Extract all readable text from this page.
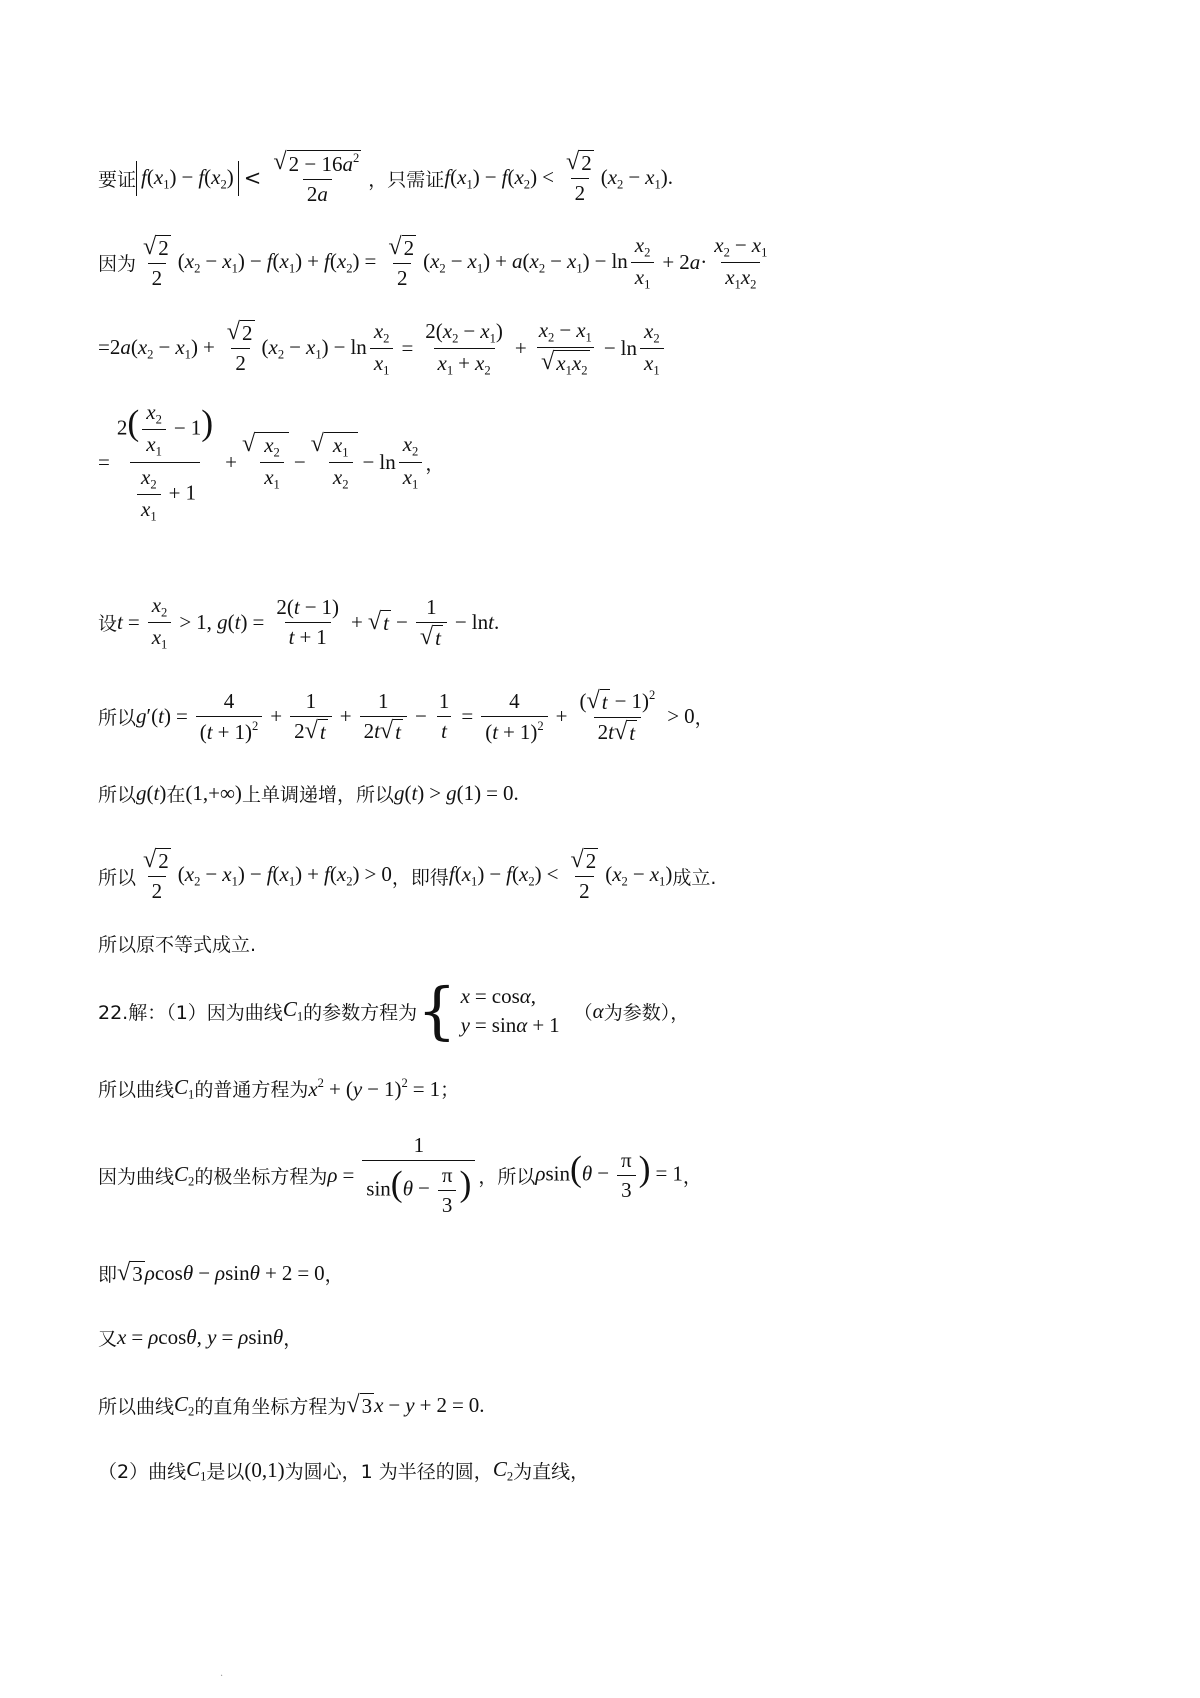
要证 $f(x_1) - f(x_2) < \frac{√ 2 - 16a^2}{2a}$ ，只需证 $f(x_1) - f(x_2) < \frac{√ 2}{2} (x_2 - x_1)$.
因为 $\frac{√ 2}{2} (x_2 - x_1) - f(x_1) + f(x_2) = \frac{√ 2}{2} (x_2 - x_1) + a(x_2 - x_1) - \ln \frac{x_2}{x_1} + 2a\cdot \frac{x_2 - x_1}{x_1x_2}$
$=2a(x_2 - x_1) + \frac{√ 2}{2} (x_2 - x_1) - \ln \frac{x_2}{x_1} = \frac{2(x_2 - x_1)}{x_1 + x_2} + \frac{x_2 - x_1}{√ x_1x_2} - \ln \frac{x_2}{x_1}$
= $\frac{2( \frac{x_2}{x_1} - 1)}{\frac{x_2}{x_1} + 1}$ +
√ $\frac{x_2}{x_1}$ −
√ $\frac{x_1}{x_2} - \ln \frac{x_2}{x_1}$ ，
设 $t = \frac{x_2}{x_1} > 1$, $g(t) = \frac{2(t - 1)}{t + 1}$ + √ $t - \frac{1}{√ t} - \ln t$.
所以 $g'(t) = \frac{4}{(t + 1)^2} + \frac{1}{2 √ t} + \frac{1}{2t √ t} - \frac{1}{t} = \frac{4}{(t + 1)^2} + \frac{( √ t - 1)^2}{2t √ t} > 0$ ，
所以 g(t) 在 (1,+∞) 上单调递增，所以 g(t) > g(1) = 0.
所以 $\frac{√ 2}{2} (x_2 - x_1) - f(x_1) + f(x_2) > 0$ ，即得 $f(x_1) - f(x_2) < \frac{√ 2}{2} (x_2 - x_1)$ 成立.
所以原不等式成立.
22.解：（1）因为曲线 $C_1$ 的参数方程为 { x = cosα,
y = sinα + 1
（ α 为参数），
所以曲线 $C_1$ 的普通方程为 $x^2 + (y - 1)^2 = 1$ ；
因为曲线 $C_2$ 的极坐标方程为 $\rho = \frac{1}{\sin(\theta - \frac{\pi}{3} )}$ ，所以 $\rho\sin(\theta - \frac{\pi}{3}$ ) = 1 ，
即 √ 3 ρcosθ − ρsinθ + 2 = 0 ，
又 x = ρcosθ, y = ρsinθ ，
所以曲线 $C_2$ 的直角坐标方程为 √ 3 x − y + 2 = 0.
（2）曲线 $C_1$ 是以 (0,1) 为圆心，1 为半径的圆， $C_2$ 为直线，
.
